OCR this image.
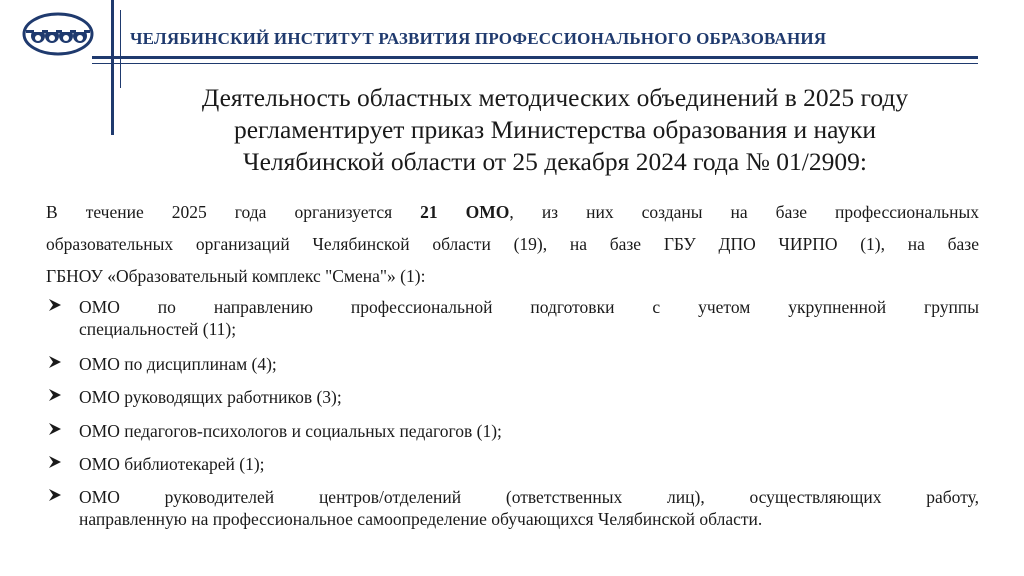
ЧЕЛЯБИНСКИЙ ИНСТИТУТ РАЗВИТИЯ ПРОФЕССИОНАЛЬНОГО ОБРАЗОВАНИЯ
Деятельность областных методических объединений в 2025 году
регламентирует приказ Министерства образования и науки
Челябинской области от 25 декабря 2024 года № 01/2909:
В течение 2025 года организуется 21 ОМО, из них созданы на базе профессиональных
образовательных организаций Челябинской области (19), на базе ГБУ ДПО ЧИРПО (1), на базе
ГБНОУ «Образовательный комплекс "Смена"» (1):
ОМО по направлению профессиональной подготовки с учетом укрупненной группы
специальностей (11);
ОМО по дисциплинам (4);
ОМО руководящих работников (3);
ОМО педагогов-психологов и социальных педагогов (1);
ОМО библиотекарей (1);
ОМО руководителей центров/отделений (ответственных лиц), осуществляющих работу,
направленную на профессиональное самоопределение обучающихся Челябинской области.
